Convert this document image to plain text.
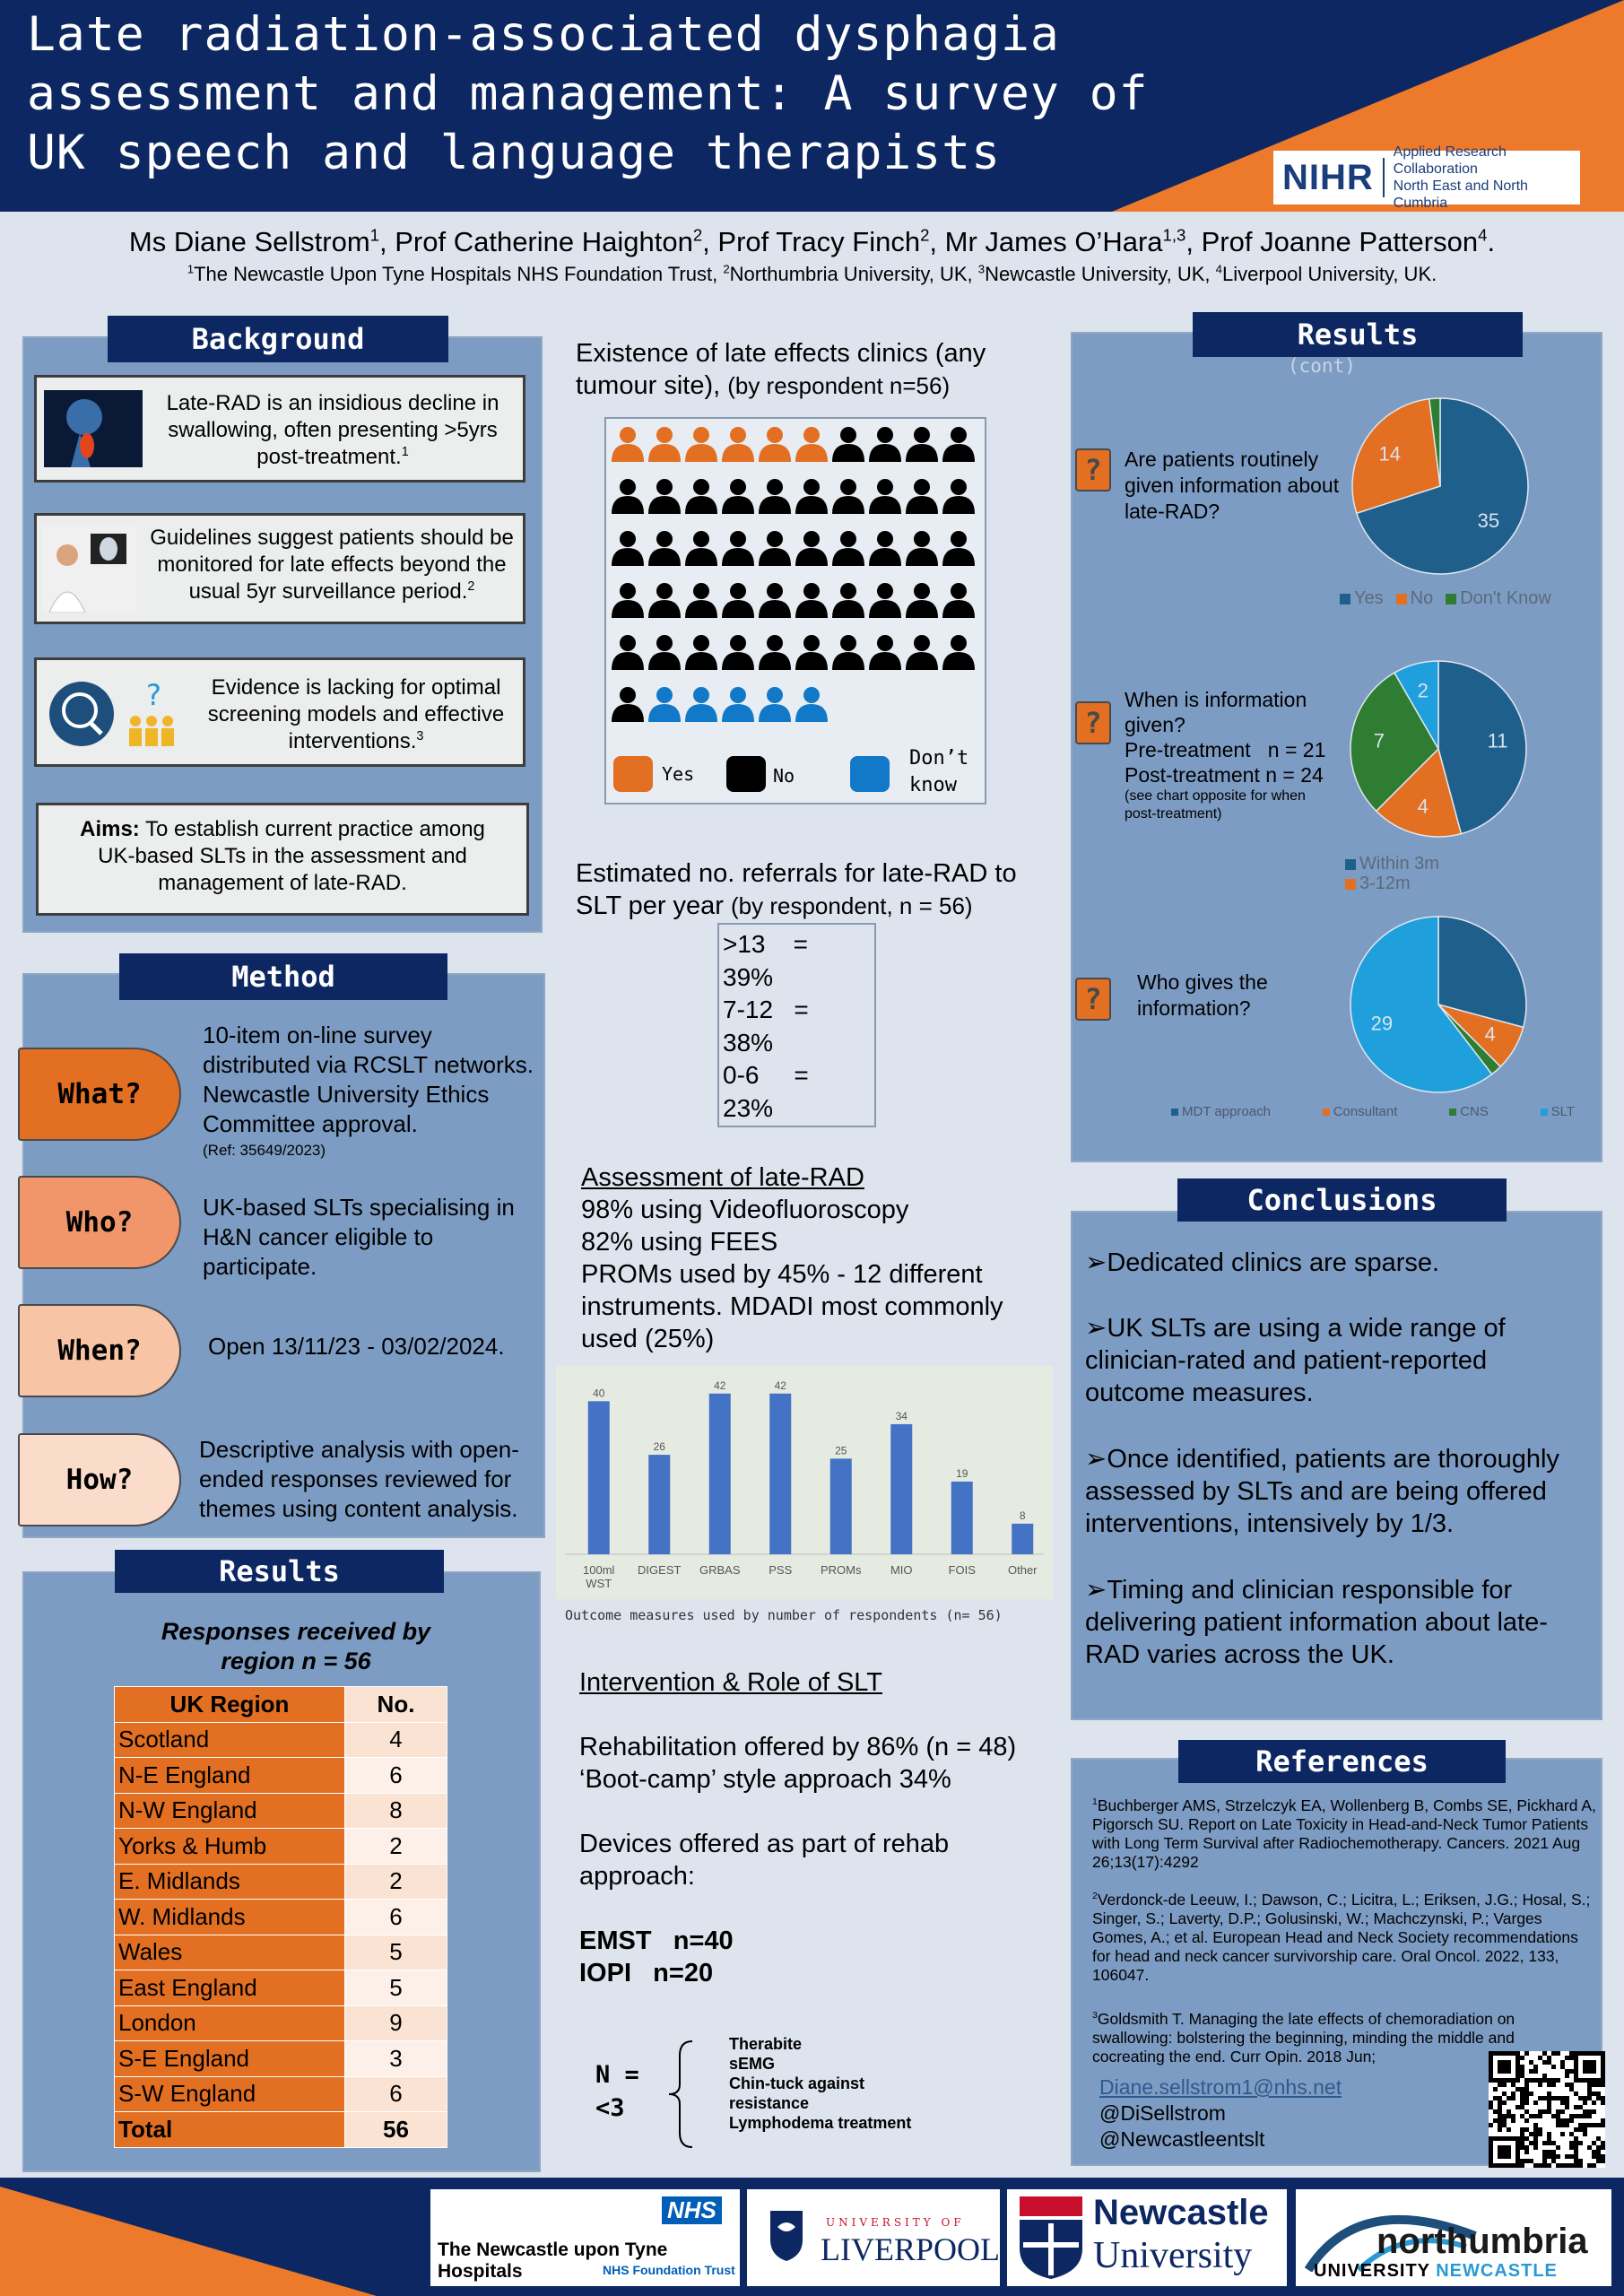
Late radiation-associated dysphagia
assessment and management: A survey of
UK speech and language therapists	NIHR
Applied Research Collaboration
North East and North Cumbria
Ms Diane Sellstrom$^1$, Prof Catherine Haighton$^2$, Prof Tracy Finch$^2$, Mr James O’Hara$^{1,3}$, Prof Joanne Patterson$^4$.
$^1$The Newcastle Upon Tyne Hospitals NHS Foundation Trust, $^2$Northumbria University, UK, $^3$Newcastle University, UK, $^4$Liverpool University, UK.
Background
Late-RAD is an insidious decline in swallowing, often presenting >5yrs post-treatment.$^1$
Guidelines suggest patients should be monitored for late effects beyond the usual 5yr surveillance period.$^2$
?	Evidence is lacking for optimal screening models and effective interventions.$^3$
Aims: To establish current practice among UK-based SLTs in the assessment and management of late-RAD.
Method
What?
10-item on-line survey distributed via RCSLT networks. Newcastle University Ethics Committee approval.
(Ref: 35649/2023)
Who?	UK-based SLTs specialising in H&N cancer eligible to participate.
When?	Open 13/11/23 - 03/02/2024.
How?
Descriptive analysis with open-ended responses reviewed for themes using content analysis.
Results
Responses received by region n = 56
UK Region	No.
Scotland	4
N-E England	6
N-W England	8
Yorks & Humb	2
E. Midlands	2
W. Midlands	6
Wales	5
East England	5
London	9
S-E England	3
S-W England	6
Total	56
Existence of late effects clinics (any tumour site), (by respondent n=56)
Yes	No
Don’t
know
Estimated no. referrals for late-RAD to SLT per year (by respondent, n = 56)
>13    =
39%
7-12   =
38%
0-6     =
23%
Assessment of late-RAD
98% using Videofluoroscopy
82% using FEES
PROMs used by 45% - 12 different instruments. MDADI most commonly used (25%)
40
100ml
WST
26
DIGEST
42
GRBAS
42
PSS
25
PROMs
34
MIO
19
FOIS
8
Other
Outcome measures used by number of respondents (n= 56)
Intervention & Role of SLT
Rehabilitation offered by 86% (n = 48)
‘Boot-camp’ style approach 34%
Devices offered as part of rehab approach:
EMST   n=40
IOPI   n=20
N =
<3
Therabite
sEMG
Chin-tuck against
resistance
Lymphodema treatment
Results
(cont)
?	Are patients routinely given information about late-RAD?	35
14
Yes	No	Don't Know
?
When is information given?
Pre-treatment   n = 21
Post-treatment n = 24
(see chart opposite for when post-treatment)
11
4
7
2
Within 3m
3-12m
?	Who gives the information?
4
29
MDT approach	Consultant	CNS	SLT
Conclusions
➢Dedicated clinics are sparse.
➢UK SLTs are using a wide range of clinician-rated and patient-reported outcome measures.
➢Once identified, patients are thoroughly assessed by SLTs and are being offered interventions, intensively by 1/3.
➢Timing and clinician responsible for delivering patient information about late-RAD varies across the UK.
References
$^1$Buchberger AMS, Strzelczyk EA, Wollenberg B, Combs SE, Pickhard A, Pigorsch SU. Report on Late Toxicity in Head-and-Neck Tumor Patients with Long Term Survival after Radiochemotherapy. Cancers. 2021 Aug 26;13(17):4292
$^2$Verdonck-de Leeuw, I.; Dawson, C.; Licitra, L.; Eriksen, J.G.; Hosal, S.; Singer, S.; Laverty, D.P.; Golusinski, W.; Machczynski, P.; Varges Gomes, A.; et al. European Head and Neck Society recommendations for head and neck cancer survivorship care. Oral Oncol. 2022, 133, 106047.
$^3$Goldsmith T. Managing the late effects of chemoradiation on swallowing: bolstering the beginning, minding the middle and cocreating the end. Curr Opin. 2018 Jun;
Diane.sellstrom1@nhs.net
@DiSellstrom
@Newcastleentslt
NHS
The Newcastle upon Tyne Hospitals	NHS Foundation Trust
UNIVERSITY OF
LIVERPOOL
Newcastle
University	northumbria
UNIVERSITY NEWCASTLE
